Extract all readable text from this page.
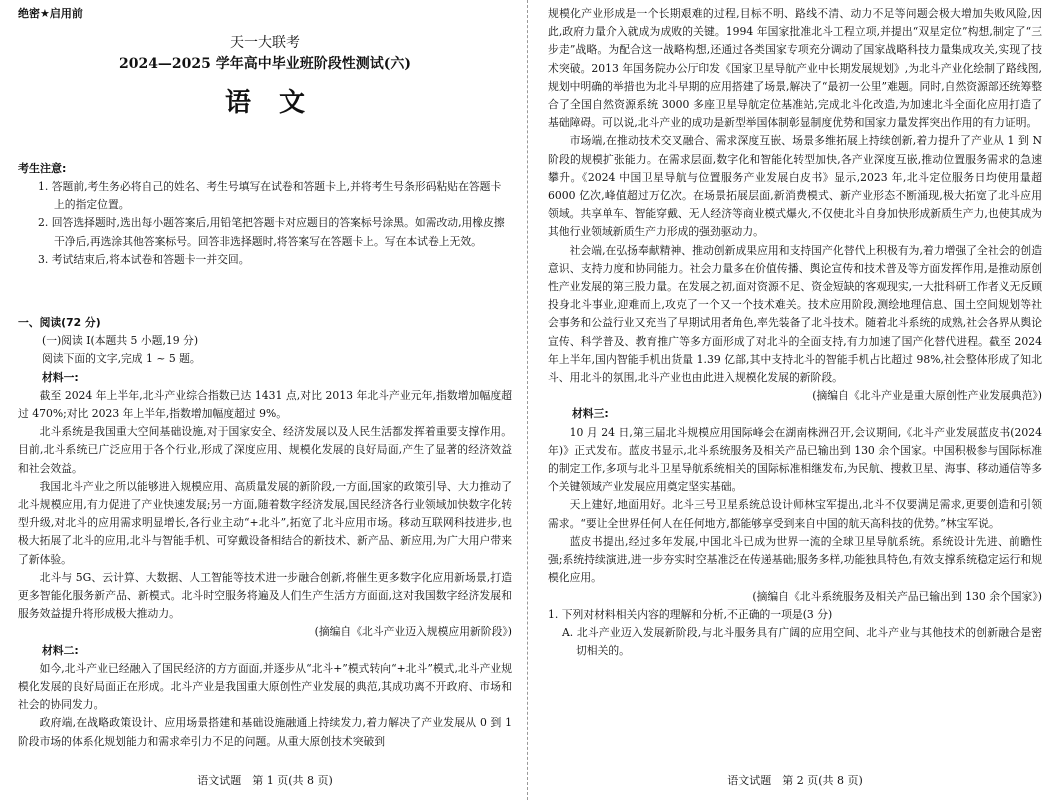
绝密★启用前
天一大联考
2024—2025 学年高中毕业班阶段性测试(六)
语文
考生注意:
1. 答题前,考生务必将自己的姓名、考生号填写在试卷和答题卡上,并将考生号条形码粘贴在答题卡上的指定位置。
2. 回答选择题时,选出每小题答案后,用铅笔把答题卡对应题目的答案标号涂黑。如需改动,用橡皮擦干净后,再选涂其他答案标号。回答非选择题时,将答案写在答题卡上。写在本试卷上无效。
3. 考试结束后,将本试卷和答题卡一并交回。
一、阅读(72 分)
(一)阅读 Ⅰ(本题共 5 小题,19 分)
阅读下面的文字,完成 1 ~ 5 题。
材料一:
截至 2024 年上半年,北斗产业综合指数已达 1431 点,对比 2013 年北斗产业元年,指数增加幅度超过 470%;对比 2023 年上半年,指数增加幅度超过 9%。
北斗系统是我国重大空间基础设施,对于国家安全、经济发展以及人民生活都发挥着重要支撑作用。目前,北斗系统已广泛应用于各个行业,形成了深度应用、规模化发展的良好局面,产生了显著的经济效益和社会效益。
我国北斗产业之所以能够进入规模应用、高质量发展的新阶段,一方面,国家的政策引导、大力推动了北斗规模应用,有力促进了产业快速发展;另一方面,随着数字经济发展,国民经济各行业领域加快数字化转型升级,对北斗的应用需求明显增长,各行业主动“+北斗”,拓宽了北斗应用市场。移动互联网科技进步,也极大拓展了北斗的应用,北斗与智能手机、可穿戴设备相结合的新技术、新产品、新应用,为广大用户带来了新体验。
北斗与 5G、云计算、大数据、人工智能等技术进一步融合创新,将催生更多数字化应用新场景,打造更多智能化服务新产品、新模式。北斗时空服务将遍及人们生产生活方方面面,这对我国数字经济发展和服务效益提升将形成极大推动力。
(摘编自《北斗产业迈入规模应用新阶段》)
材料二:
如今,北斗产业已经融入了国民经济的方方面面,并逐步从“北斗+”模式转向“+北斗”模式,北斗产业规模化发展的良好局面正在形成。北斗产业是我国重大原创性产业发展的典范,其成功离不开政府、市场和社会的协同发力。
政府端,在战略政策设计、应用场景搭建和基础设施融通上持续发力,着力解决了产业发展从 0 到 1 阶段市场的体系化规划能力和需求牵引力不足的问题。从重大原创技术突破到
语文试题　第 1 页(共 8 页)
规模化产业形成是一个长期艰难的过程,目标不明、路线不清、动力不足等问题会极大增加失败风险,因此,政府力量介入就成为成败的关键。1994 年国家批准北斗工程立项,并提出“双星定位”构想,制定了“三步走”战略。为配合这一战略构想,还通过各类国家专项充分调动了国家战略科技力量集成攻关,实现了技术突破。2013 年国务院办公厅印发《国家卫星导航产业中长期发展规划》,为北斗产业化绘制了路线图,规划中明确的举措也为北斗早期的应用搭建了场景,解决了“最初一公里”难题。同时,自然资源部还统筹整合了全国自然资源系统 3000 多座卫星导航定位基准站,完成北斗化改造,为加速北斗全面化应用打造了基础障碍。可以说,北斗产业的成功是新型举国体制彰显制度优势和国家力量发挥突出作用的有力证明。
市场端,在推动技术交叉融合、需求深度互嵌、场景多维拓展上持续创新,着力提升了产业从 1 到 N 阶段的规模扩张能力。在需求层面,数字化和智能化转型加快,各产业深度互嵌,推动位置服务需求的急速攀升。《2024 中国卫星导航与位置服务产业发展白皮书》显示,2023 年,北斗定位服务日均使用量超 6000 亿次,峰值超过万亿次。在场景拓展层面,新消费模式、新产业形态不断涌现,极大拓宽了北斗应用领域。共享单车、智能穿戴、无人经济等商业模式爆火,不仅使北斗自身加快形成新质生产力,也使其成为其他行业领域新质生产力形成的强劲驱动力。
社会端,在弘扬奉献精神、推动创新成果应用和支持国产化替代上积极有为,着力增强了全社会的创造意识、支持力度和协同能力。社会力量多在价值传播、舆论宣传和技术普及等方面发挥作用,是推动原创性产业发展的第三股力量。在发展之初,面对资源不足、资金短缺的客观现实,一大批科研工作者义无反顾投身北斗事业,迎难而上,攻克了一个又一个技术难关。技术应用阶段,测绘地理信息、国土空间规划等社会事务和公益行业又充当了早期试用者角色,率先装备了北斗技术。随着北斗系统的成熟,社会各界从舆论宣传、科学普及、教育推广等多方面形成了对北斗的全面支持,有力加速了国产化替代进程。截至 2024 年上半年,国内智能手机出货量 1.39 亿部,其中支持北斗的智能手机占比超过 98%,社会整体形成了知北斗、用北斗的氛围,北斗产业也由此进入规模化发展的新阶段。
(摘编自《北斗产业是重大原创性产业发展典范》)
材料三:
10 月 24 日,第三届北斗规模应用国际峰会在湖南株洲召开,会议期间,《北斗产业发展蓝皮书(2024 年)》正式发布。蓝皮书显示,北斗系统服务及相关产品已输出到 130 余个国家。中国积极参与国际标准的制定工作,多项与北斗卫星导航系统相关的国际标准相继发布,为民航、搜救卫星、海事、移动通信等多个关键领域产业发展应用奠定坚实基础。
天上建好,地面用好。北斗三号卫星系统总设计师林宝军提出,北斗不仅要满足需求,更要创造和引领需求。“要让全世界任何人在任何地方,都能够享受到来自中国的航天高科技的优势。”林宝军说。
蓝皮书提出,经过多年发展,中国北斗已成为世界一流的全球卫星导航系统。系统设计先进、前瞻性强;系统持续演进,进一步夯实时空基准泛在传递基础;服务多样,功能独具特色,有效支撑系统稳定运行和规模化应用。
(摘编自《北斗系统服务及相关产品已输出到 130 余个国家》)
1. 下列对材料相关内容的理解和分析,不正确的一项是(3 分)
A. 北斗产业迈入发展新阶段,与北斗服务具有广阔的应用空间、北斗产业与其他技术的创新融合是密切相关的。
语文试题　第 2 页(共 8 页)
